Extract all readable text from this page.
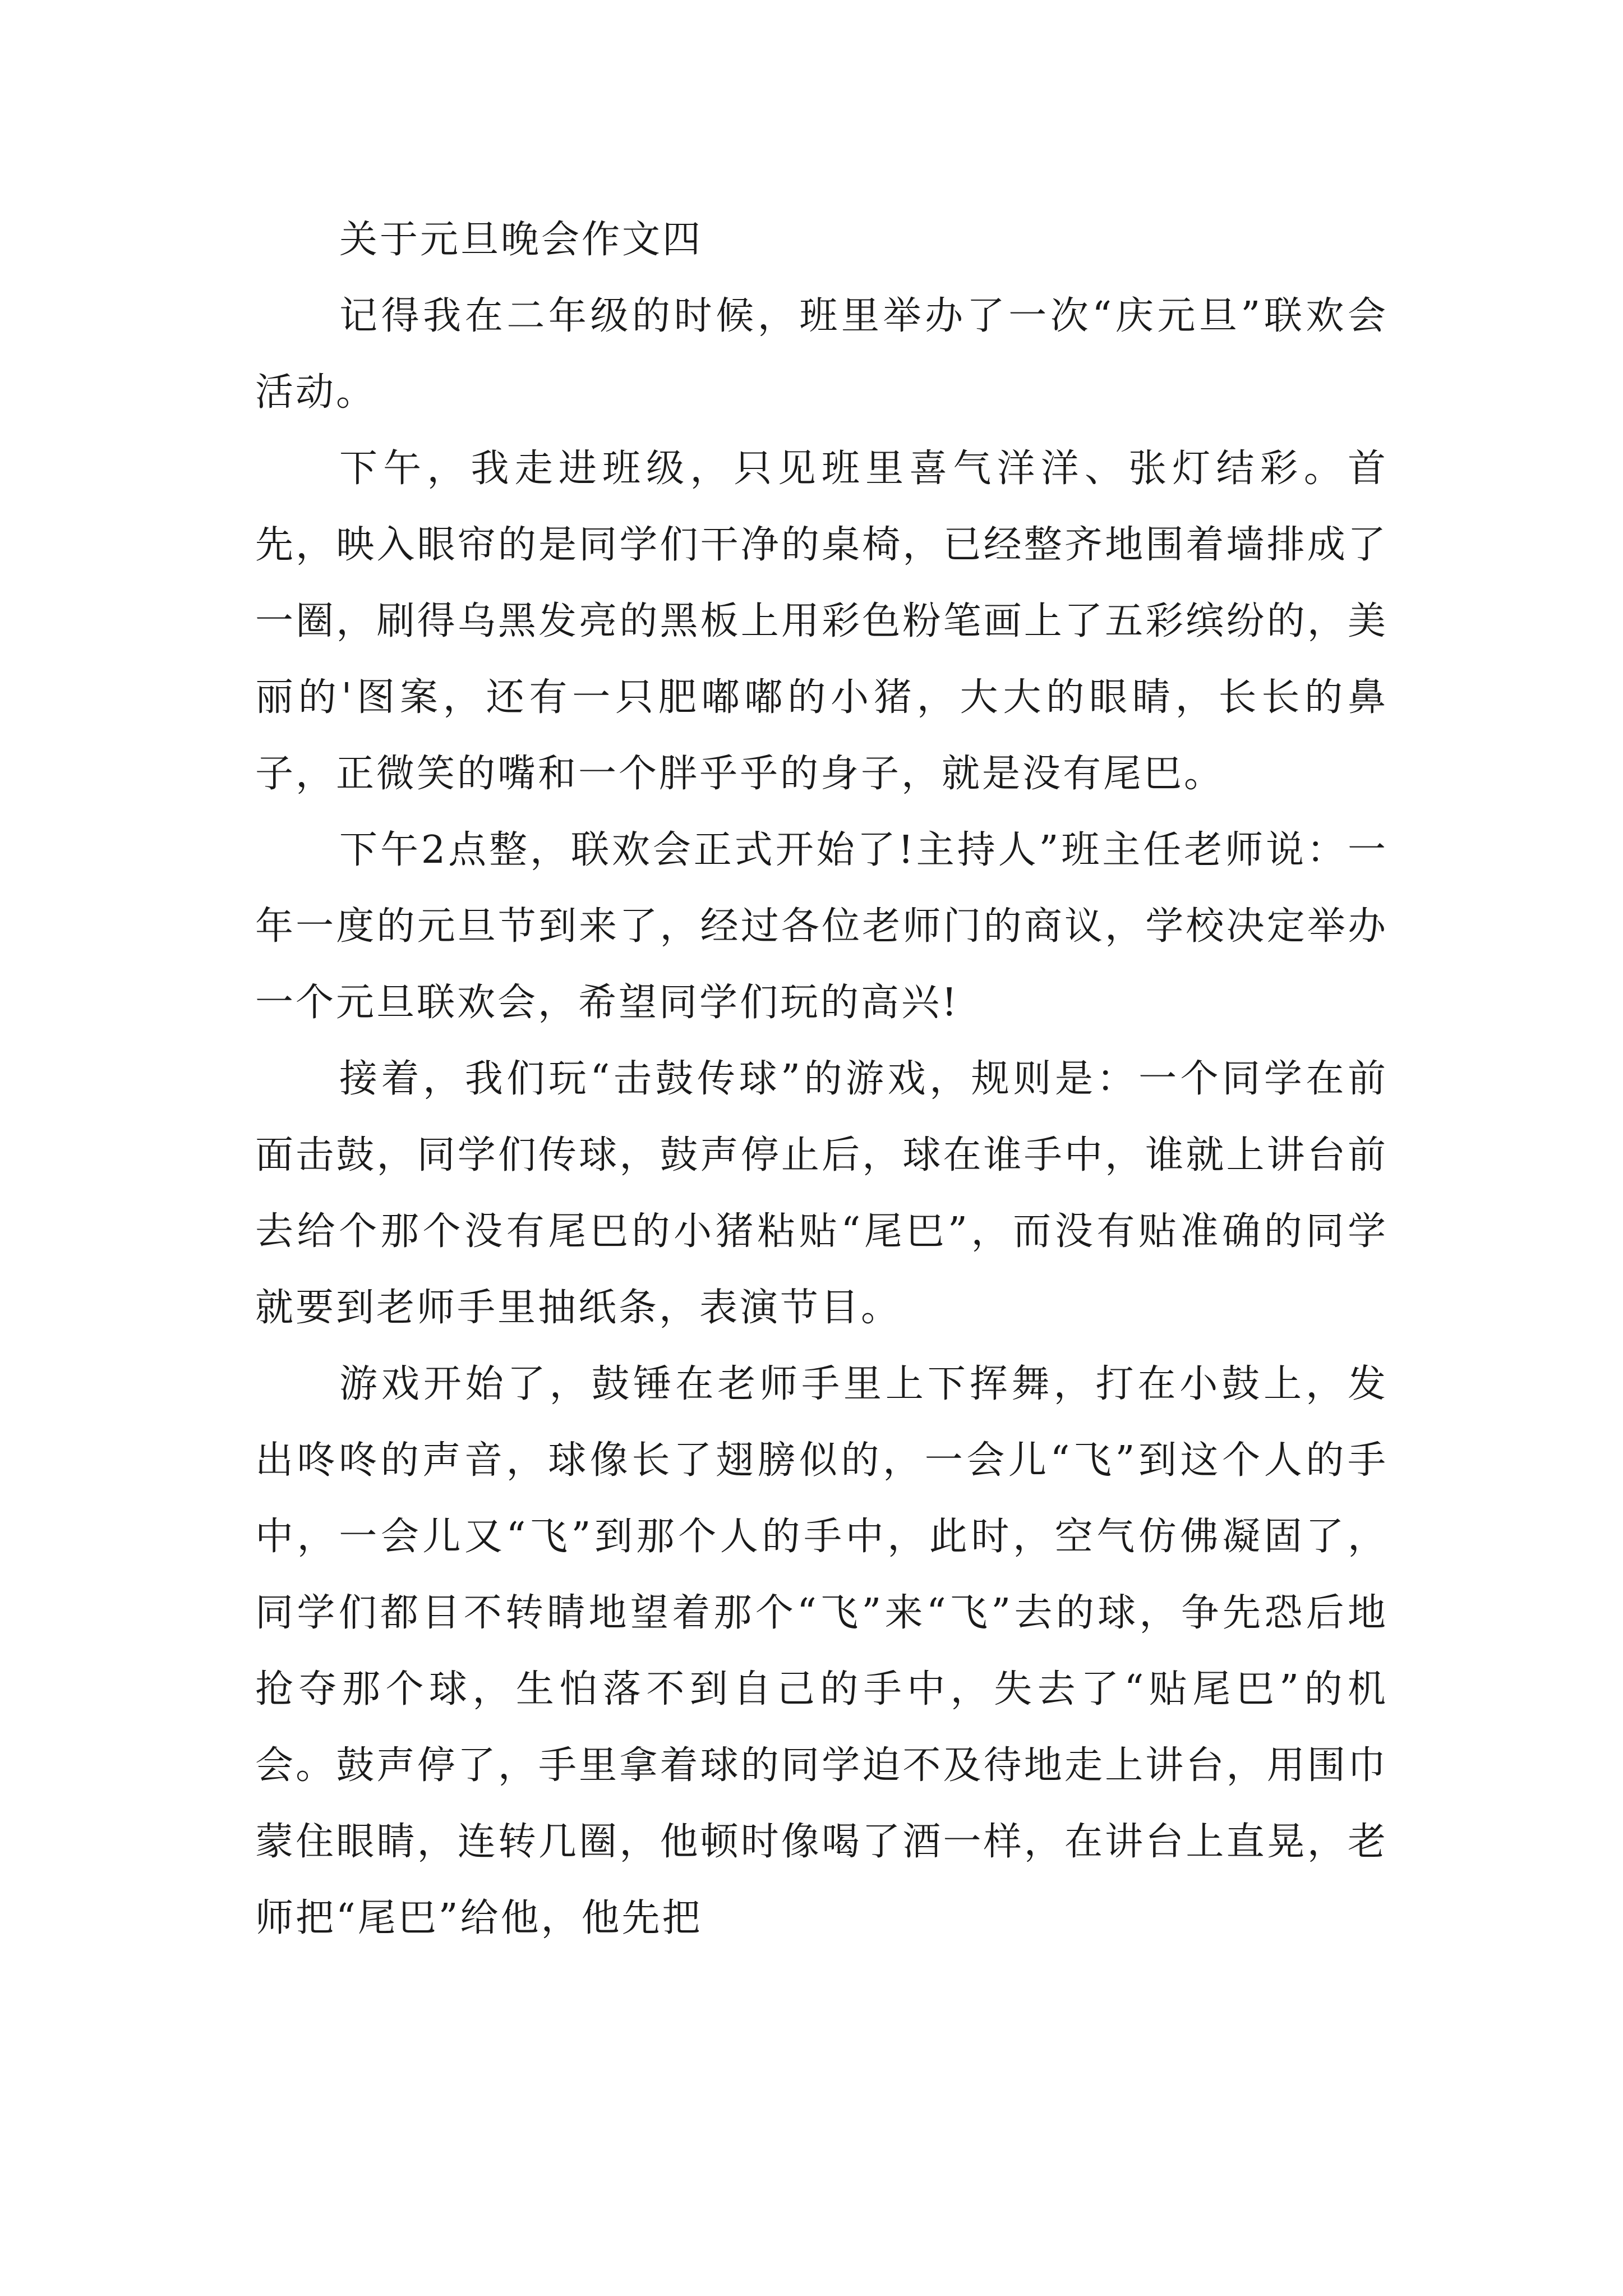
关于元旦晚会作文四

记得我在二年级的时候，班里举办了一次“庆元旦”联欢会活动。

下午，我走进班级，只见班里喜气洋洋、张灯结彩。首先，映入眼帘的是同学们干净的桌椅，已经整齐地围着墙排成了一圈，刷得乌黑发亮的黑板上用彩色粉笔画上了五彩缤纷的，美丽的'图案，还有一只肥嘟嘟的小猪，大大的眼睛，长长的鼻子，正微笑的嘴和一个胖乎乎的身子，就是没有尾巴。

下午2点整，联欢会正式开始了!主持人”班主任老师说：一年一度的元旦节到来了，经过各位老师门的商议，学校决定举办一个元旦联欢会，希望同学们玩的高兴!

接着，我们玩“击鼓传球”的游戏，规则是：一个同学在前面击鼓，同学们传球，鼓声停止后，球在谁手中，谁就上讲台前去给个那个没有尾巴的小猪粘贴“尾巴”，而没有贴准确的同学就要到老师手里抽纸条，表演节目。

游戏开始了，鼓锤在老师手里上下挥舞，打在小鼓上，发出咚咚的声音，球像长了翅膀似的，一会儿“飞”到这个人的手中，一会儿又“飞”到那个人的手中，此时，空气仿佛凝固了，同学们都目不转睛地望着那个“飞”来“飞”去的球，争先恐后地抢夺那个球，生怕落不到自己的手中，失去了“贴尾巴”的机会。鼓声停了，手里拿着球的同学迫不及待地走上讲台，用围巾蒙住眼睛，连转几圈，他顿时像喝了酒一样，在讲台上直晃，老师把“尾巴”给他，他先把
